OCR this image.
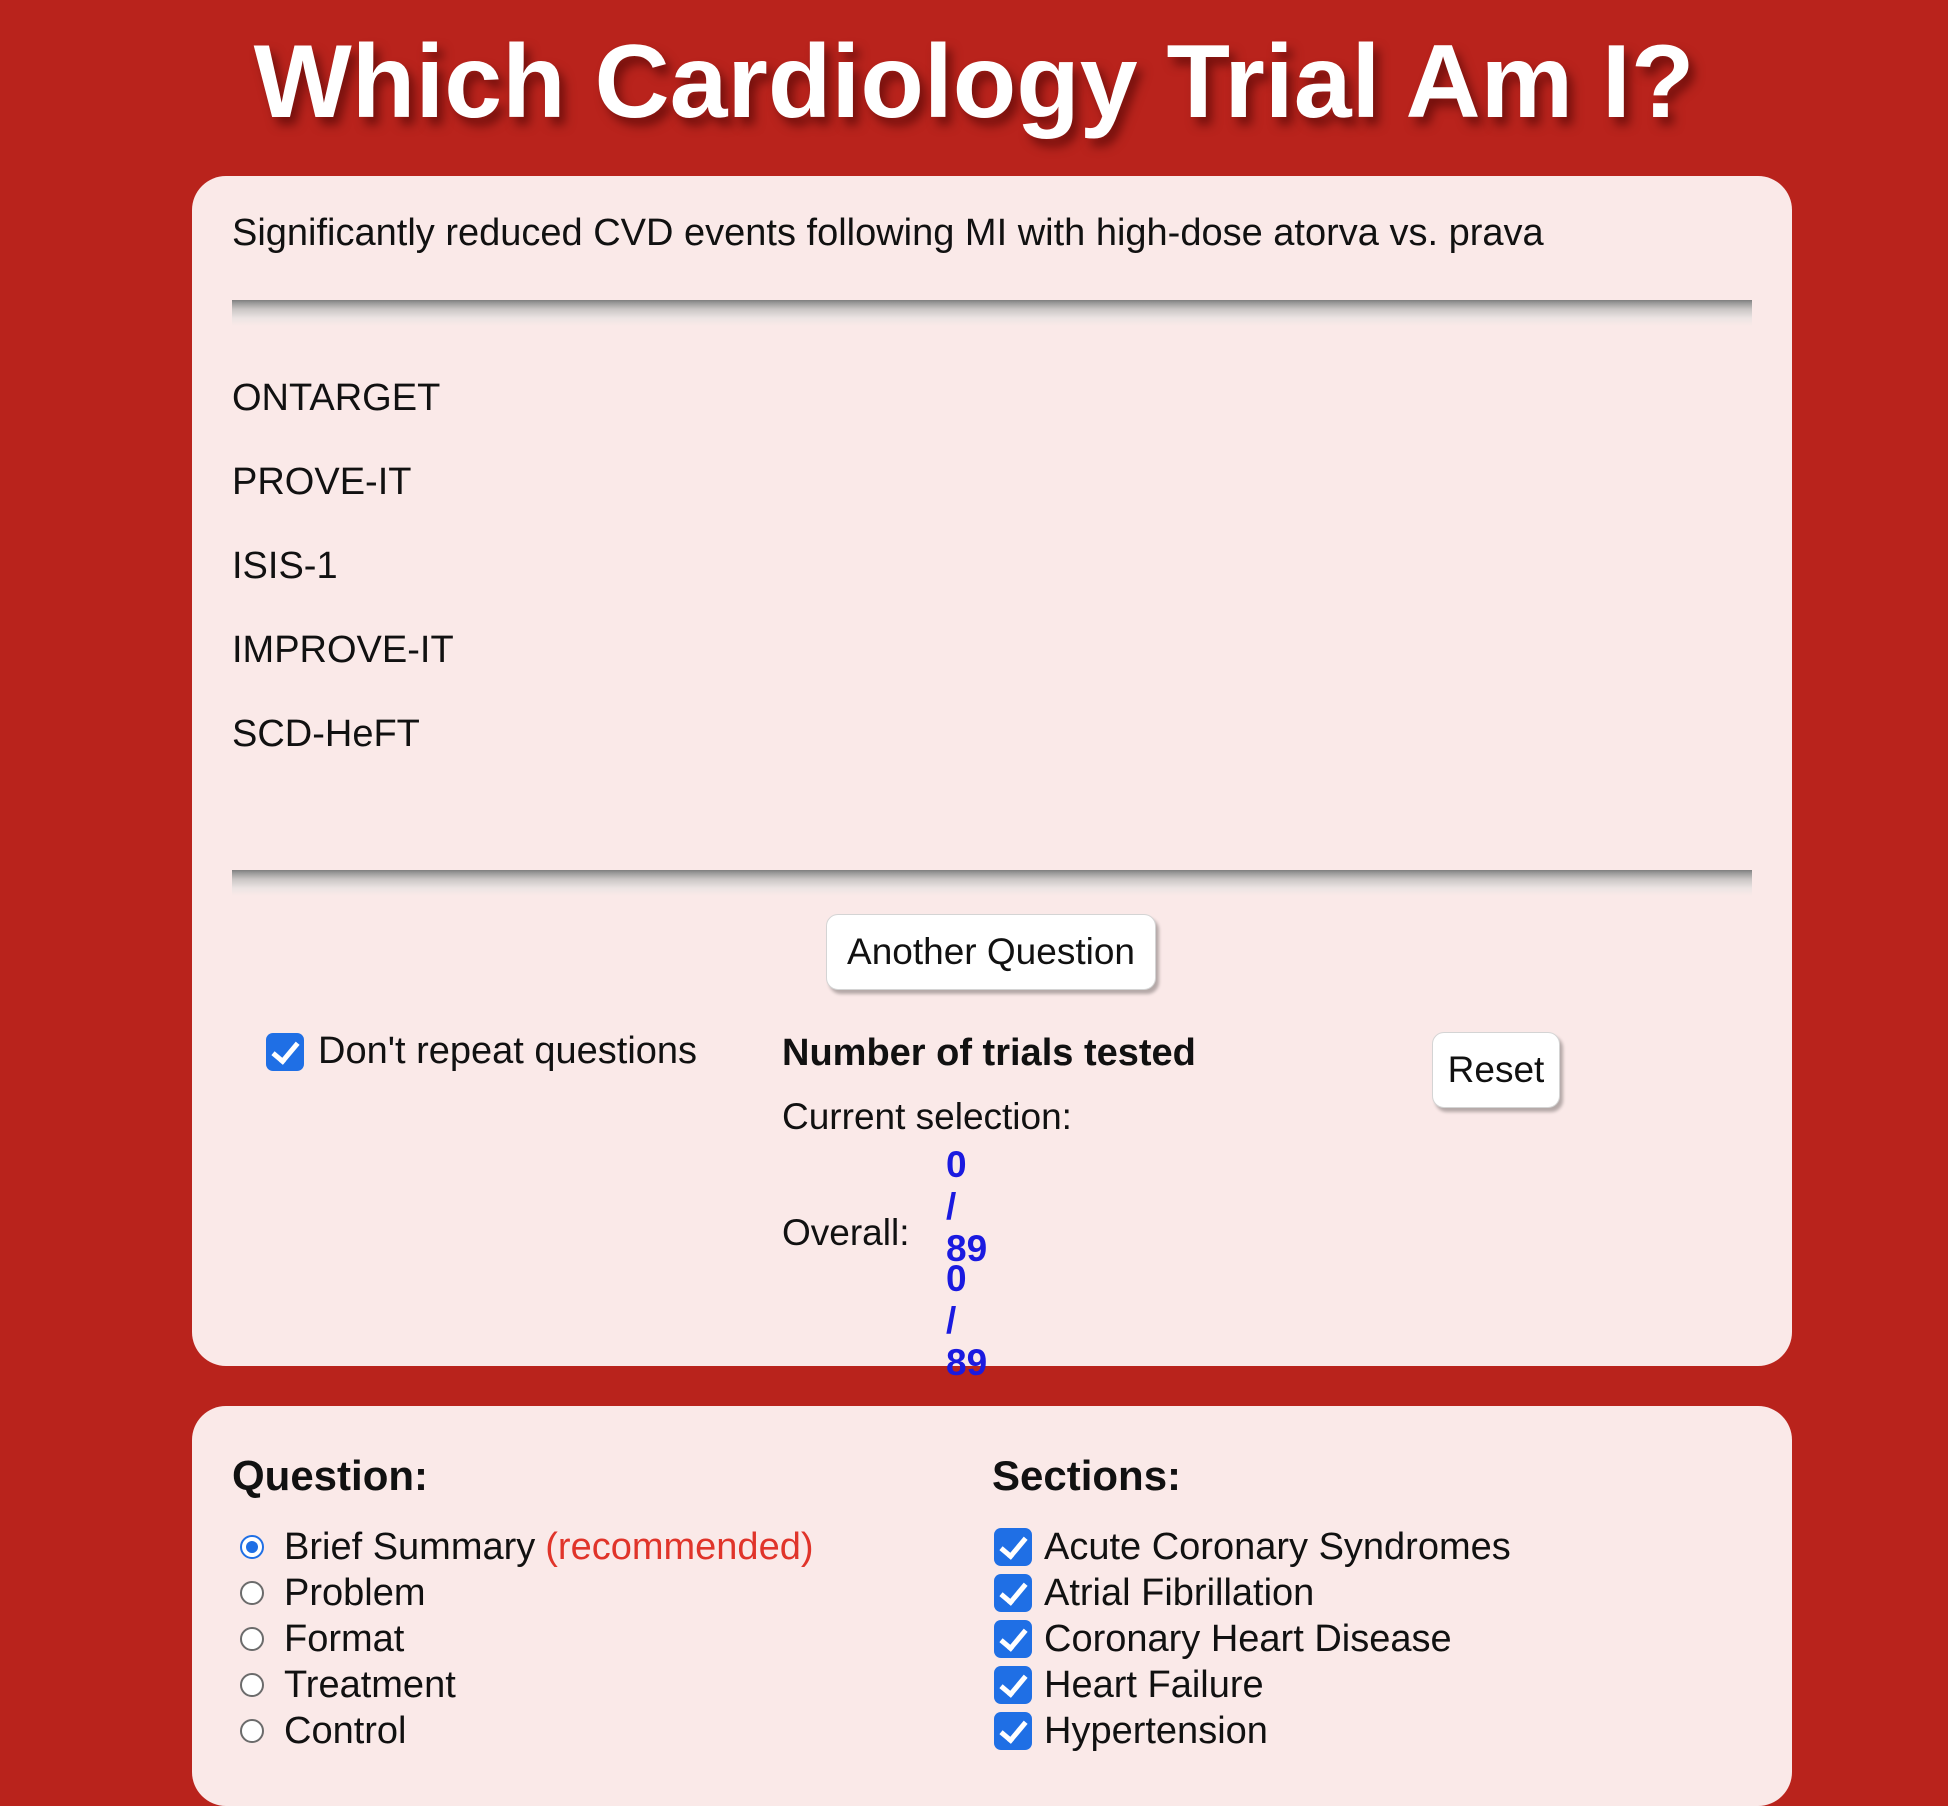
Which Cardiology Trial Am I?
Significantly reduced CVD events following MI with high-dose atorva vs. prava
ONTARGET
PROVE-IT
ISIS-1
IMPROVE-IT
SCD-HeFT
Another Question
Don't repeat questions Number of trials tested
Current selection:
0 / 89
Overall:
0 / 89
Reset
Question:
Brief Summary (recommended)
Problem
Format
Treatment
Control
Sections:
Acute Coronary Syndromes
Atrial Fibrillation
Coronary Heart Disease
Heart Failure
Hypertension
